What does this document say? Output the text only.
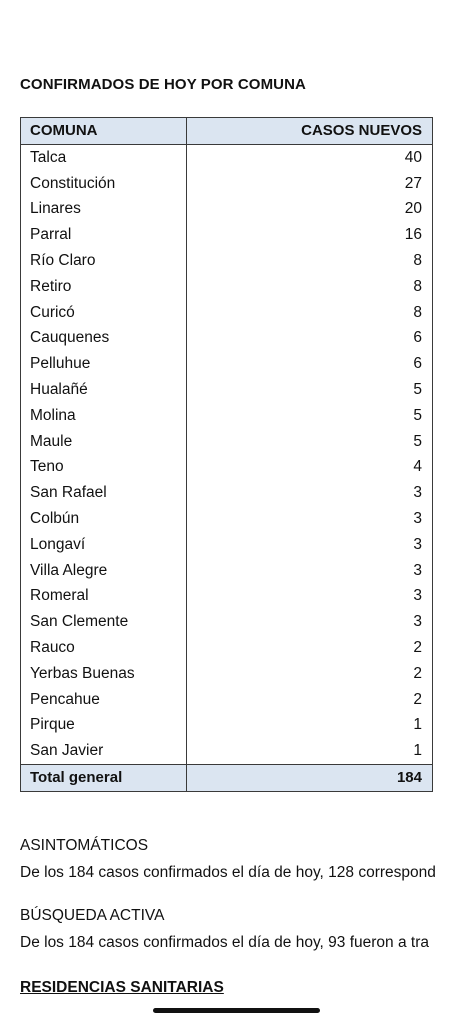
CONFIRMADOS DE HOY POR COMUNA
COMUNA	CASOS NUEVOS
Talca	40
Constitución	27
Linares	20
Parral	16
Río Claro	8
Retiro	8
Curicó	8
Cauquenes	6
Pelluhue	6
Hualañé	5
Molina	5
Maule	5
Teno	4
San Rafael	3
Colbún	3
Longaví	3
Villa Alegre	3
Romeral	3
San Clemente	3
Rauco	2
Yerbas Buenas	2
Pencahue	2
Pirque	1
San Javier	1
Total general	184
ASINTOMÁTICOS
De los 184 casos confirmados el día de hoy, 128 correspond
BÚSQUEDA ACTIVA
De los 184 casos confirmados el día de hoy, 93 fueron a tra
RESIDENCIAS SANITARIAS
